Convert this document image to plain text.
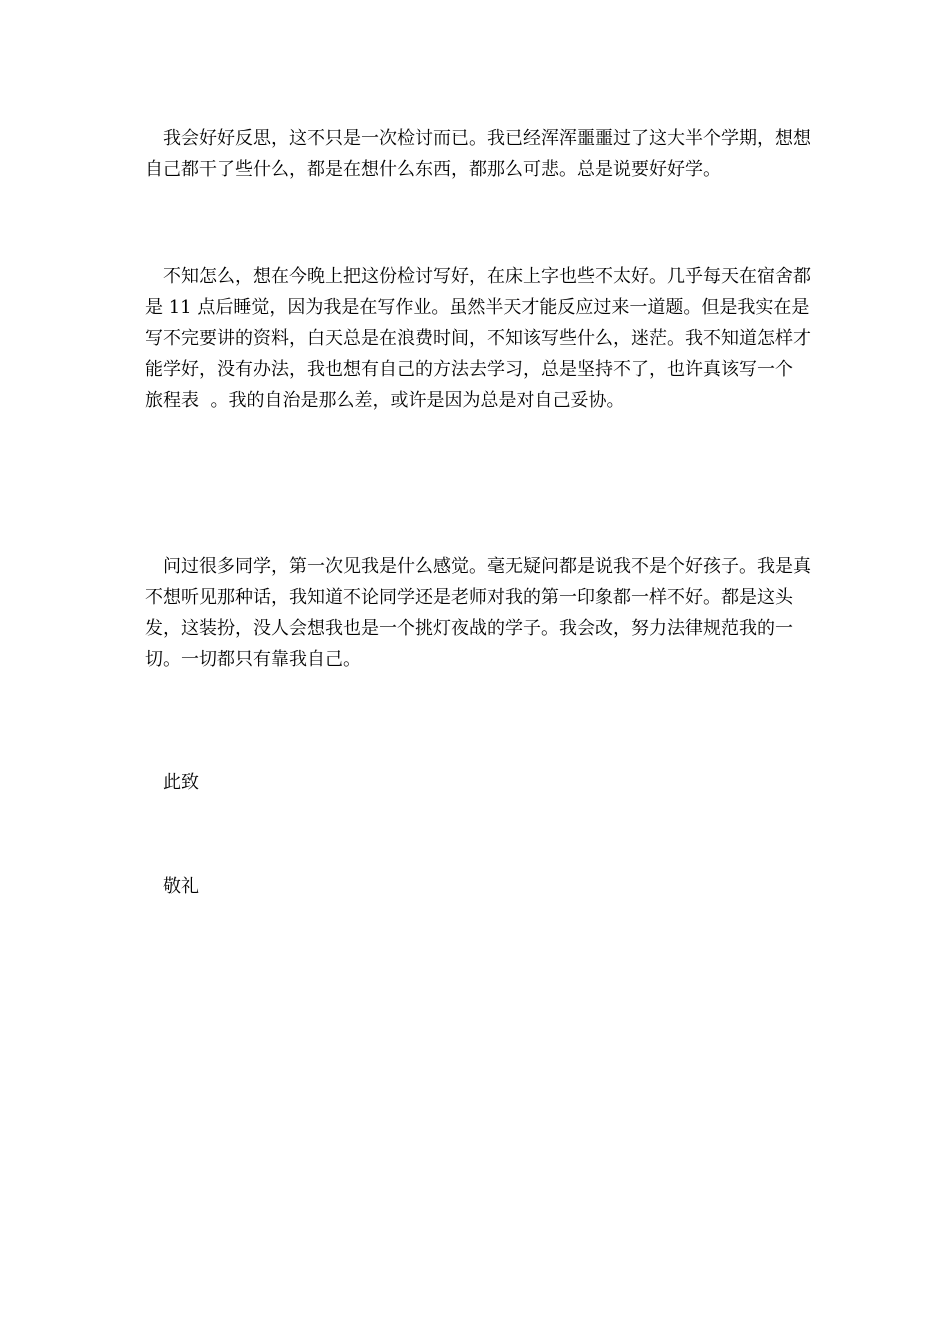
　我会好好反思，这不只是一次检讨而已。我已经浑浑噩噩过了这大半个学期，想想自己都干了些什么，都是在想什么东西，都那么可悲。总是说要好好学。
　不知怎么，想在今晚上把这份检讨写好，在床上字也些不太好。几乎每天在宿舍都是 11 点后睡觉，因为我是在写作业。虽然半天才能反应过来一道题。但是我实在是写不完要讲的资料，白天总是在浪费时间，不知该写些什么，迷茫。我不知道怎样才能学好，没有办法，我也想有自己的方法去学习，总是坚持不了，也许真该写一个  旅程表  。我的自治是那么差，或许是因为总是对自己妥协。
　问过很多同学，第一次见我是什么感觉。毫无疑问都是说我不是个好孩子。我是真不想听见那种话，我知道不论同学还是老师对我的第一印象都一样不好。都是这头发，这装扮，没人会想我也是一个挑灯夜战的学子。我会改，努力法律规范我的一切。一切都只有靠我自己。
此致
敬礼
